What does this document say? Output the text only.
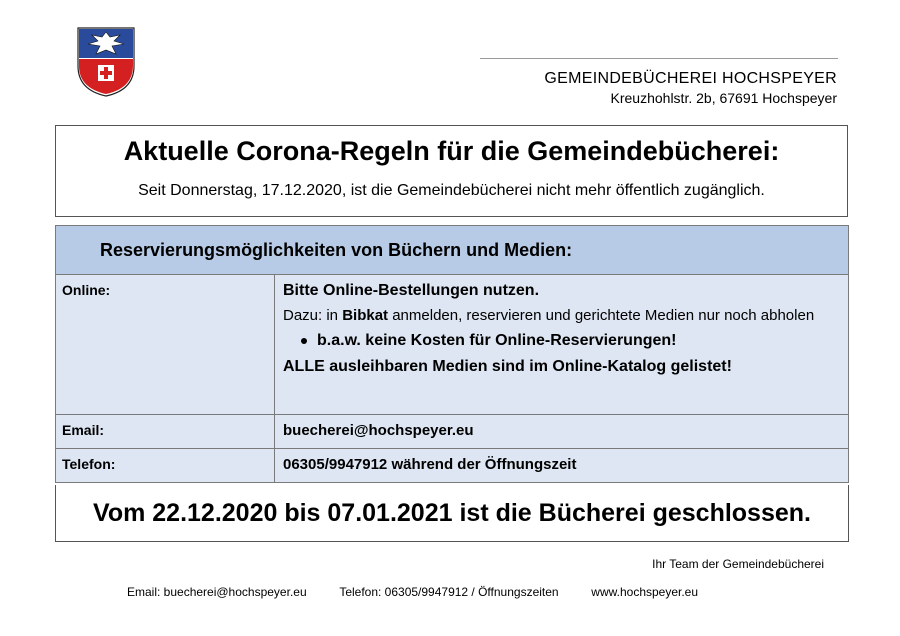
GEMEINDEBÜCHEREI HOCHSPEYER
Kreuzhohlstr. 2b, 67691 Hochspeyer
Aktuelle Corona-Regeln für die Gemeindebücherei:

Seit Donnerstag, 17.12.2020, ist die Gemeindebücherei nicht mehr öffentlich zugänglich.

Reservierungsmöglichkeiten von Büchern und Medien:	
Online:	Bitte Online-Bestellungen nutzen.
Dazu: in Bibkat anmelden, reservieren und gerichtete Medien nur noch abholen
b.a.w. keine Kosten für Online-Reservierungen!
ALLE ausleihbaren Medien sind im Online-Katalog gelistet!

Email:	buecherei@hochspeyer.eu
Telefon:	06305/9947912 während der Öffnungszeit
Vom 22.12.2020 bis 07.01.2021 ist die Bücherei geschlossen.
Ihr Team der Gemeindebücherei
Email: buecherei@hochspeyer.eu	Telefon: 06305/9947912 / Öffnungszeiten	www.hochspeyer.eu
